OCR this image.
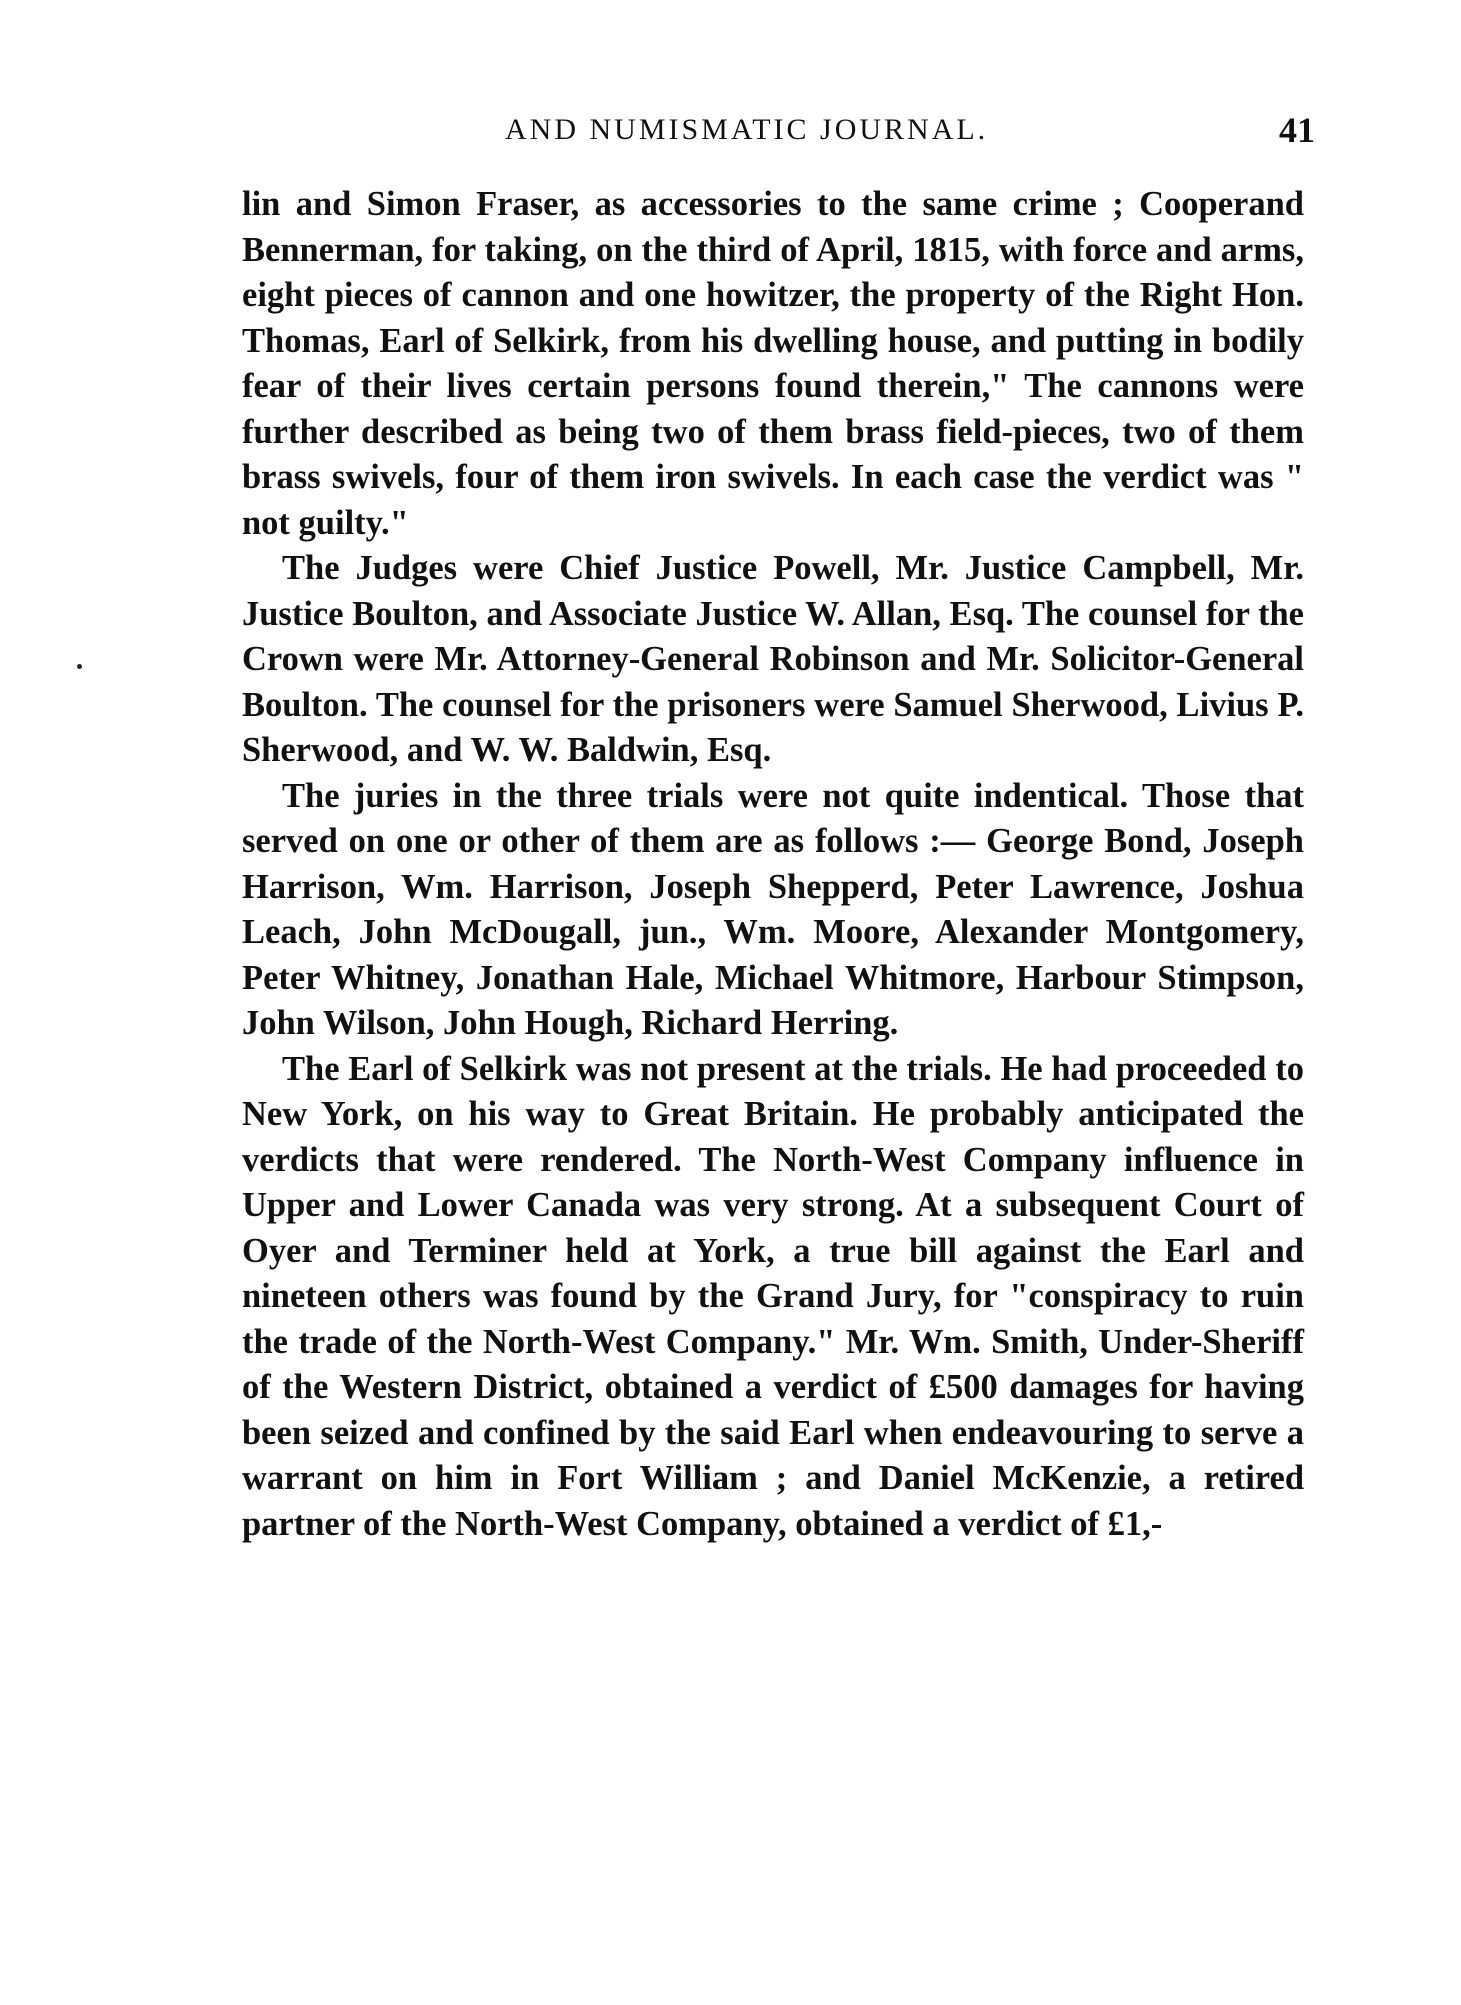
AND NUMISMATIC JOURNAL.	41

lin and Simon Fraser, as accessories to the same crime ; Cooperand Bennerman, for taking, on the third of April, 1815, with force and arms, eight pieces of cannon and one howitzer, the property of the Right Hon. Thomas, Earl of Selkirk, from his dwelling house, and putting in bodily fear of their lives certain persons found therein," The cannons were further described as being two of them brass field-pieces, two of them brass swivels, four of them iron swivels. In each case the verdict was " not guilty."

The Judges were Chief Justice Powell, Mr. Justice Campbell, Mr. Justice Boulton, and Associate Justice W. Allan, Esq. The counsel for the Crown were Mr. Attorney-General Robinson and Mr. Solicitor-General Boulton. The counsel for the prisoners were Samuel Sherwood, Livius P. Sherwood, and W. W. Baldwin, Esq.

The juries in the three trials were not quite indentical. Those that served on one or other of them are as follows :— George Bond, Joseph Harrison, Wm. Harrison, Joseph Shepperd, Peter Lawrence, Joshua Leach, John McDougall, jun., Wm. Moore, Alexander Montgomery, Peter Whitney, Jonathan Hale, Michael Whitmore, Harbour Stimpson, John Wilson, John Hough, Richard Herring.

The Earl of Selkirk was not present at the trials. He had proceeded to New York, on his way to Great Britain. He probably anticipated the verdicts that were rendered. The North-West Company influence in Upper and Lower Canada was very strong. At a subsequent Court of Oyer and Terminer held at York, a true bill against the Earl and nineteen others was found by the Grand Jury, for "conspiracy to ruin the trade of the North-West Company." Mr. Wm. Smith, Under-Sheriff of the Western District, obtained a verdict of £500 damages for having been seized and confined by the said Earl when endeavouring to serve a warrant on him in Fort William ; and Daniel McKenzie, a retired partner of the North-West Company, obtained a verdict of £1,-
